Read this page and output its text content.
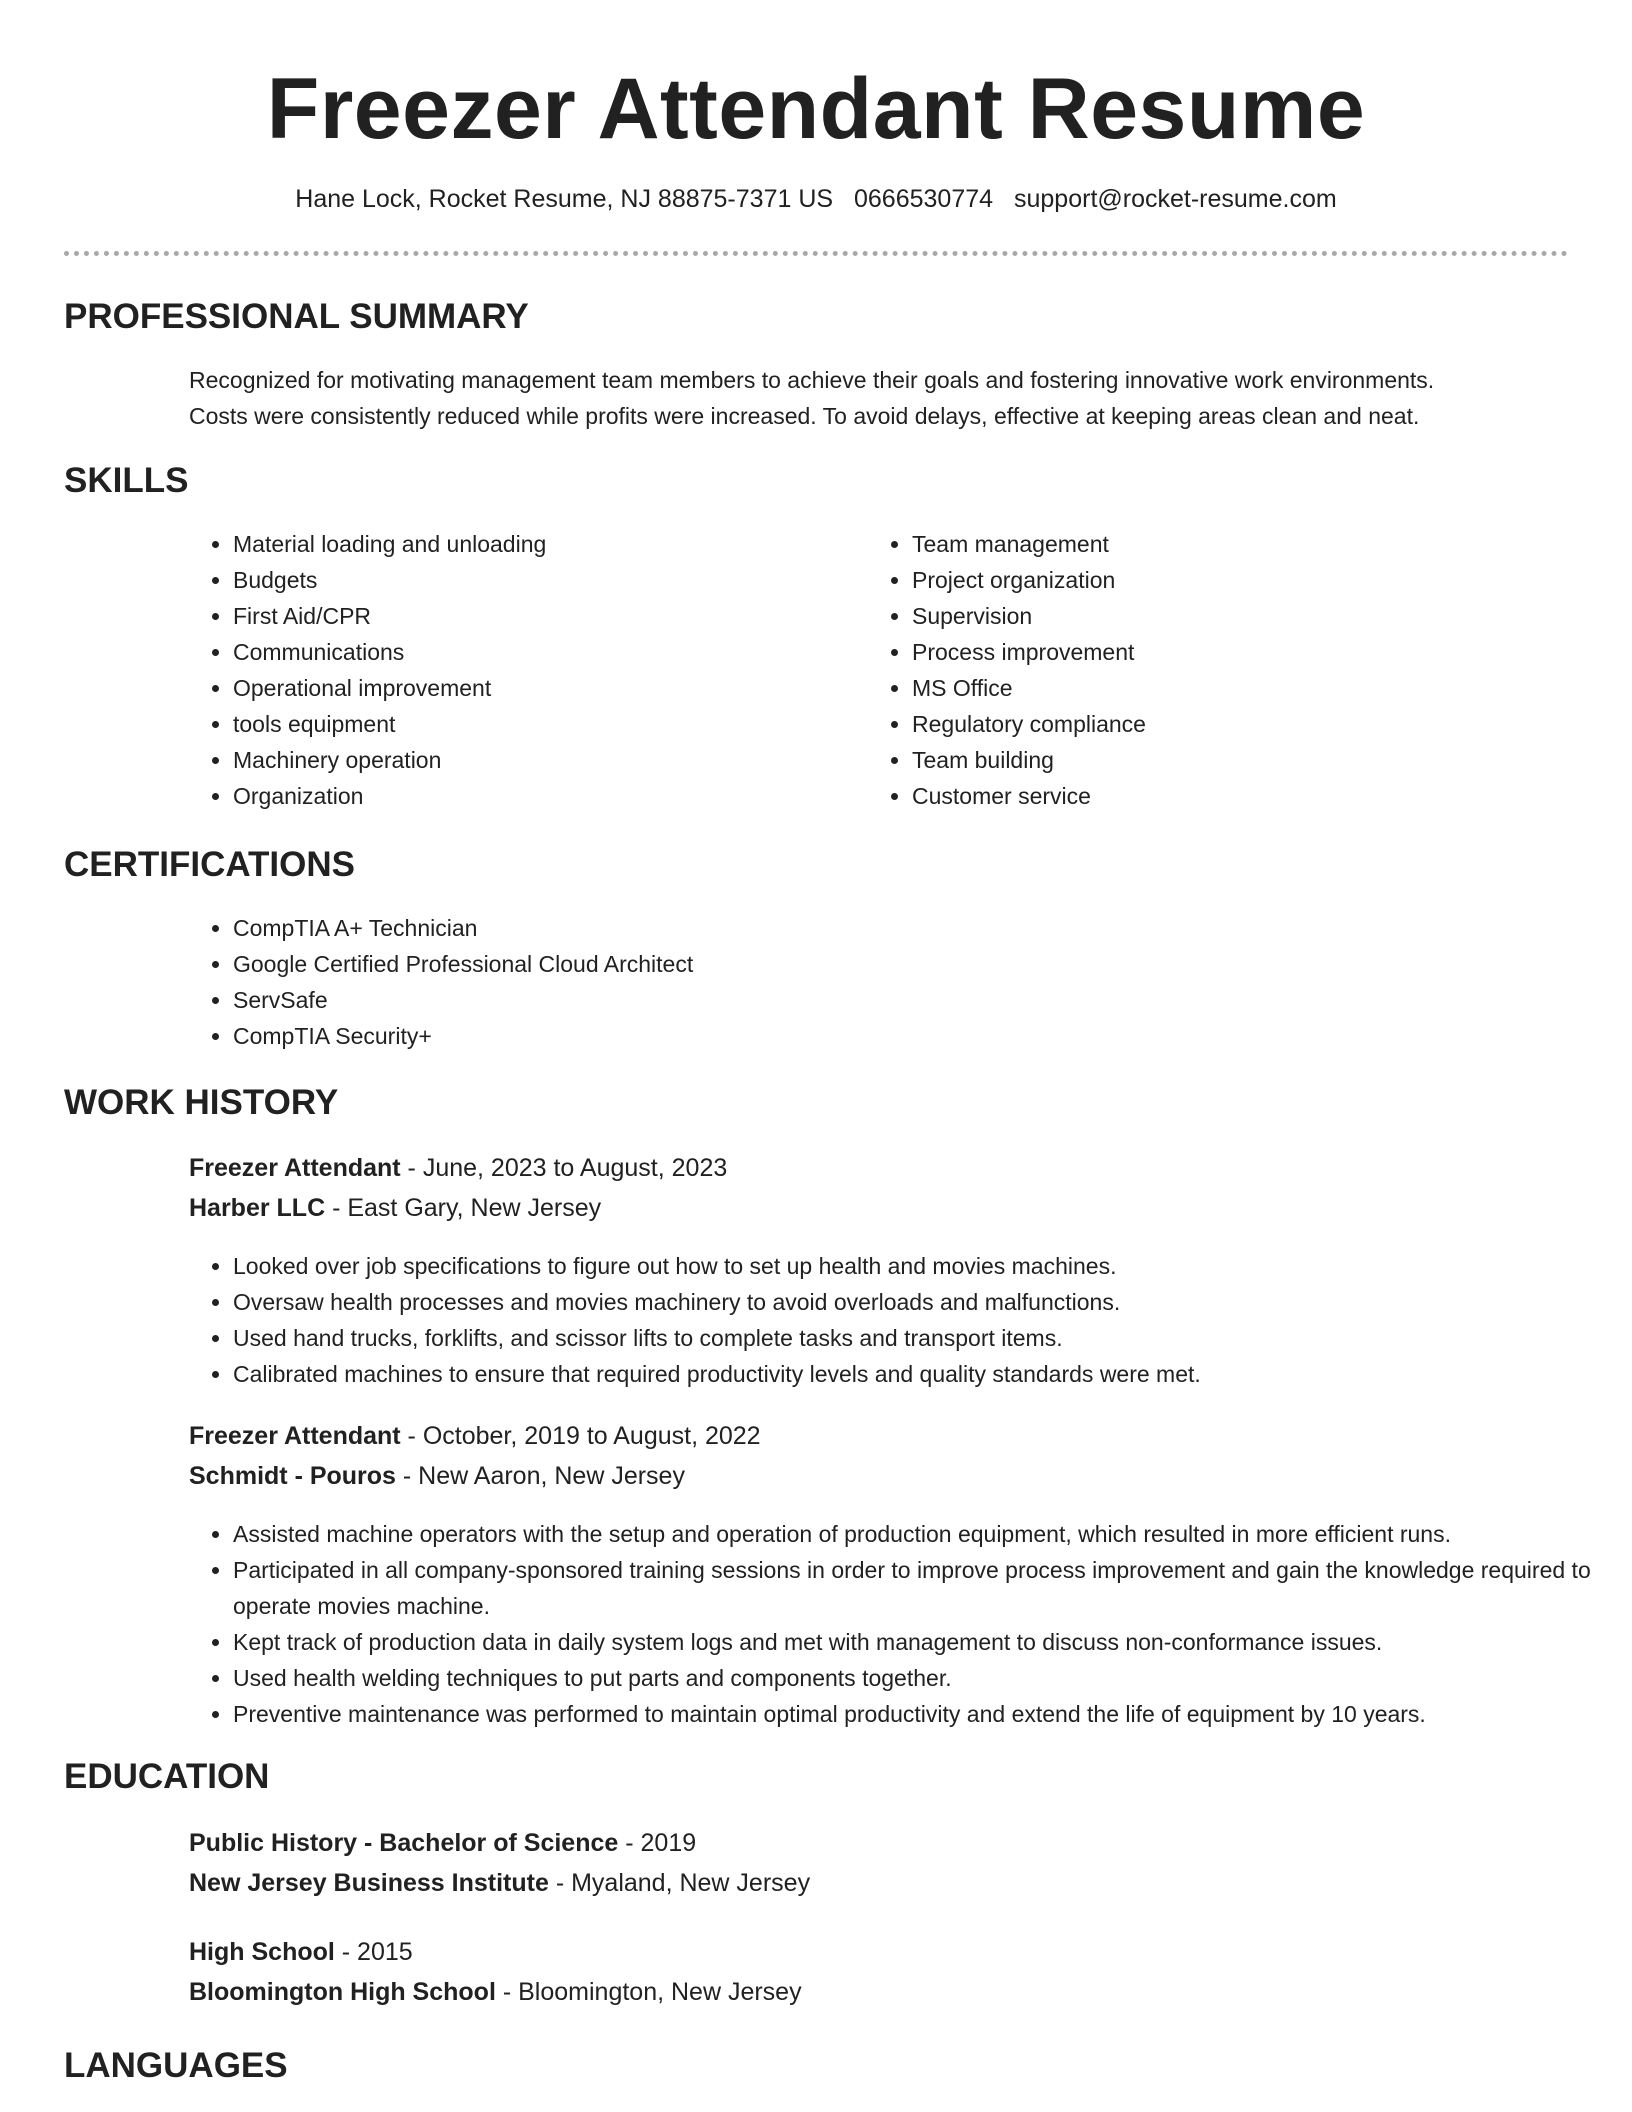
Freezer Attendant Resume
Hane Lock, Rocket Resume, NJ 88875-7371 US 0666530774 support@rocket-resume.com
PROFESSIONAL SUMMARY

Recognized for motivating management team members to achieve their goals and fostering innovative work environments.
Costs were consistently reduced while profits were increased. To avoid delays, effective at keeping areas clean and neat.

SKILLS
• Material loading and unloading
• Budgets
• First Aid/CPR
• Communications
• Operational improvement
• tools equipment
• Machinery operation
• Organization
• Team management
• Project organization
• Supervision
• Process improvement
• MS Office
• Regulatory compliance
• Team building
• Customer service
CERTIFICATIONS
• CompTIA A+ Technician
• Google Certified Professional Cloud Architect
• ServSafe
• CompTIA Security+
WORK HISTORY
Freezer Attendant - June, 2023 to August, 2023
Harber LLC - East Gary, New Jersey
• Looked over job specifications to figure out how to set up health and movies machines.
• Oversaw health processes and movies machinery to avoid overloads and malfunctions.
• Used hand trucks, forklifts, and scissor lifts to complete tasks and transport items.
• Calibrated machines to ensure that required productivity levels and quality standards were met.
Freezer Attendant - October, 2019 to August, 2022
Schmidt - Pouros - New Aaron, New Jersey
• Assisted machine operators with the setup and operation of production equipment, which resulted in more efficient runs.
• Participated in all company-sponsored training sessions in order to improve process improvement and gain the knowledge required to operate movies machine.
• Kept track of production data in daily system logs and met with management to discuss non-conformance issues.
• Used health welding techniques to put parts and components together.
• Preventive maintenance was performed to maintain optimal productivity and extend the life of equipment by 10 years.
EDUCATION
Public History - Bachelor of Science - 2019
New Jersey Business Institute - Myaland, New Jersey
High School - 2015
Bloomington High School - Bloomington, New Jersey
LANGUAGES
